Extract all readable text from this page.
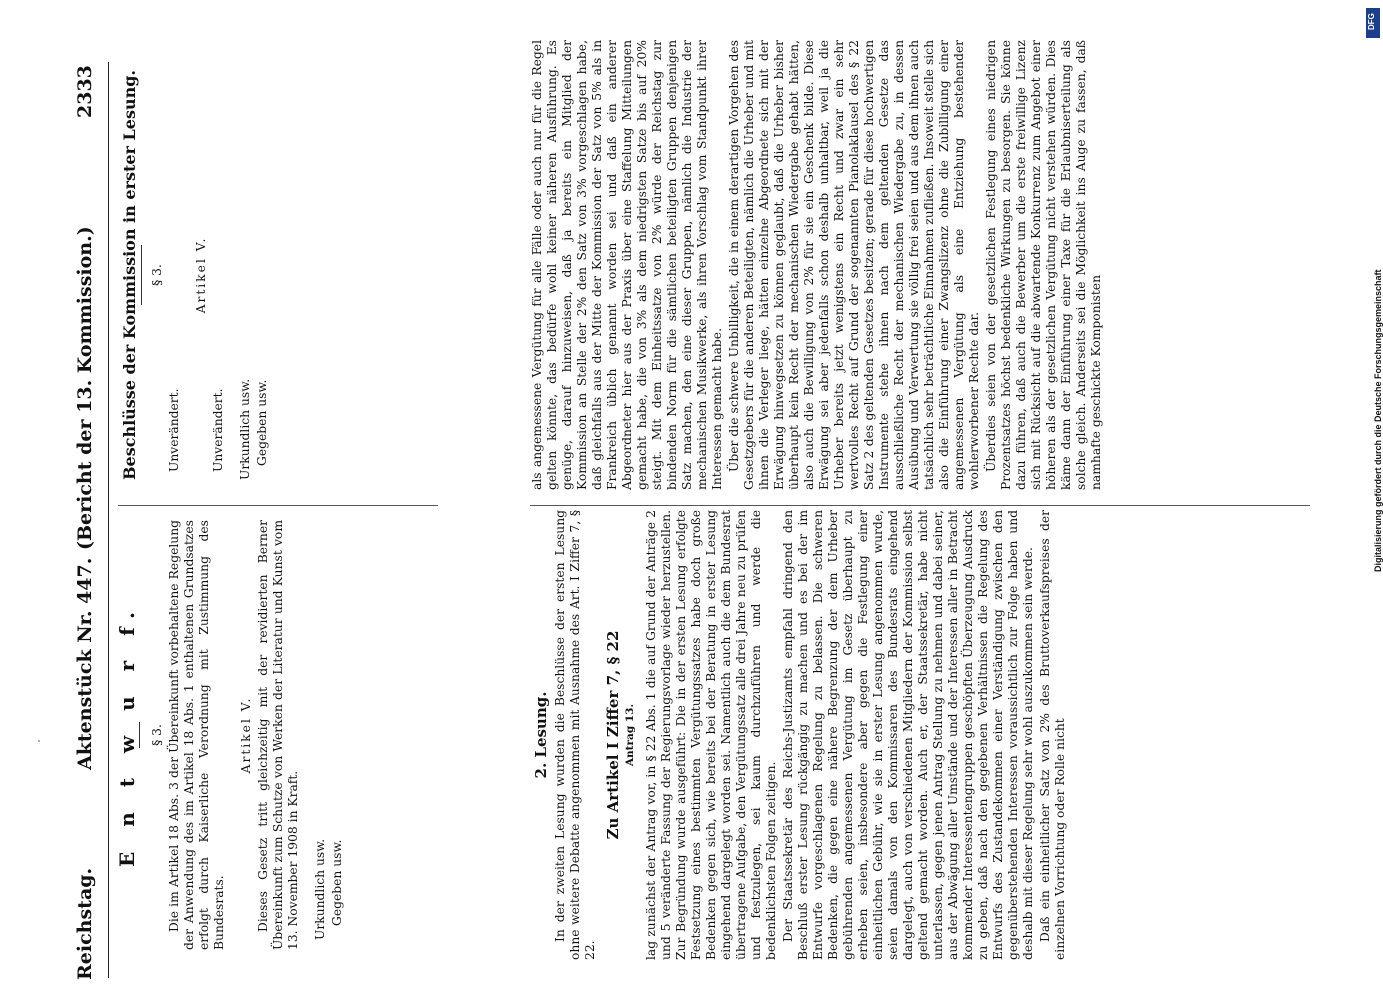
Reichstag.
Aktenstück Nr. 447.
(Bericht der 13. Kommission.)
2333
E n t w u r f. § 3. Die im Artikel 18 Abs. 3 der Übereinkunft vorbehaltene Regelung der Anwendung des im Artikel 18 Abs. 1 enthaltenen Grundsatzes erfolgt durch Kaiserliche Verordnung mit Zustimmung des Bundesrats.

Artikel V. Dieses Gesetz tritt gleichzeitig mit der revidierten Berner Übereinkunft zum Schutze von Werken der Literatur und Kunst vom 13. November 1908 in Kraft. Urkundlich usw. Gegeben usw.

Beschlüsse der Kommission in erster Lesung. § 3.

Unverändert.

Artikel V.

Unverändert. Urkundlich usw. Gegeben usw.

2. Lesung. In der zweiten Lesung wurden die Beschlüsse der ersten Lesung ohne weitere Debatte angenommen mit Ausnahme des Art. I Ziffer 7, § 22.

Zu Artikel I Ziffer 7, § 22 Antrag 13. lag zunächst der Antrag vor, in § 22 Abs. 1 die auf Grund der Anträge 2 und 5 veränderte Fassung der Regierungsvorlage wieder herzustellen. Zur Begründung wurde ausgeführt: Die in der ersten Lesung erfolgte Festsetzung eines bestimmten Vergütungssatzes habe doch große Bedenken gegen sich, wie bereits bei der Beratung in erster Lesung eingehend dargelegt worden sei. Namentlich auch die dem Bundesrat übertragene Aufgabe, den Vergütungssatz alle drei Jahre neu zu prüfen und festzulegen, sei kaum durchzuführen und werde die bedenklichsten Folgen zeitigen. Der Staatssekretär des Reichs-Justizamts empfahl dringend den Beschluß erster Lesung rückgängig zu machen und es bei der im Entwurfe vorgeschlagenen Regelung zu belassen. Die schweren Bedenken, die gegen eine nähere Begrenzung der dem Urheber gebührenden angemessenen Vergütung im Gesetz überhaupt zu erheben seien, insbesondere aber gegen die Festlegung einer einheitlichen Gebühr, wie sie in erster Lesung angenommen wurde, seien damals von den Kommissaren des Bundesrats eingehend dargelegt, auch von verschiedenen Mitgliedern der Kommission selbst geltend gemacht worden. Auch er, der Staatssekretär, habe nicht unterlassen, gegen jenen Antrag Stellung zu nehmen und dabei seiner, aus der Abwägung aller Umstände und der Interessen aller in Betracht kommender Interessentengruppen geschöpften Überzeugung Ausdruck zu geben, daß nach den gegebenen Verhältnissen die Regelung des Entwurfs des Zustandekommen einer Verständigung zwischen den gegenüberstehenden Interessen voraussichtlich zur Folge haben und deshalb mit dieser Regelung sehr wohl auszukommen sein werde. Daß ein einheitlicher Satz von 2% des Bruttoverkaufspreises der einzelnen Vorrichtung oder Rolle nicht

als angemessene Vergütung für alle Fälle oder auch nur für die Regel gelten könnte, das bedürfe wohl keiner näheren Ausführung. Es genüge, darauf hinzuweisen, daß ja bereits ein Mitglied der Kommission an Stelle der 2% den Satz von 3% vorgeschlagen habe, daß gleichfalls aus der Mitte der Kommission der Satz von 5% als in Frankreich üblich genannt worden sei und daß ein anderer Abgeordneter hier aus der Praxis über eine Staffelung Mitteilungen gemacht habe, die von 3% als dem niedrigsten Satze bis auf 20% steigt. Mit dem Einheitssatze von 2% würde der Reichstag zur bindenden Norm für die sämtlichen beteiligten Gruppen denjenigen Satz machen, den eine dieser Gruppen, nämlich die Industrie der mechanischen Musikwerke, als ihren Vorschlag vom Standpunkt ihrer Interessen gemacht habe. Über die schwere Unbilligkeit, die in einem derartigen Vorgehen des Gesetzgebers für die anderen Beteiligten, nämlich die Urheber und mit ihnen die Verleger liege, hätten einzelne Abgeordnete sich mit der Erwägung hinwegsetzen zu können geglaubt, daß die Urheber bisher überhaupt kein Recht der mechanischen Wiedergabe gehabt hätten, also auch die Bewilligung von 2% für sie ein Geschenk bilde. Diese Erwägung sei aber jedenfalls schon deshalb unhaltbar, weil ja die Urheber bereits jetzt wenigstens ein Recht und zwar ein sehr wertvolles Recht auf Grund der sogenannten Pianolaklausel des § 22 Satz 2 des geltenden Gesetzes besitzen; gerade für diese hochwertigen Instrumente stehe ihnen nach dem geltenden Gesetze das ausschließliche Recht der mechanischen Wiedergabe zu, in dessen Ausübung und Verwertung sie völlig frei seien und aus dem ihnen auch tatsächlich sehr beträchtliche Einnahmen zufließen. Insoweit stelle sich also die Einführung einer Zwangslizenz ohne die Zubilligung einer angemessenen Vergütung als eine Entziehung bestehender wohlerworbener Rechte dar. Überdies seien von der gesetzlichen Festlegung eines niedrigen Prozentsatzes höchst bedenkliche Wirkungen zu besorgen. Sie könne dazu führen, daß auch die Bewerber um die erste freiwillige Lizenz sich mit Rücksicht auf die abwartende Konkurrenz zum Angebot einer höheren als der gesetzlichen Vergütung nicht verstehen würden. Dies käme dann der Einführung einer Taxe für die Erlaubniserteilung als solche gleich. Anderseits sei die Möglichkeit ins Auge zu fassen, daß namhafte geschickte Komponisten

DFG
Digitalisierung gefördert durch die Deutsche Forschungsgemeinschaft
